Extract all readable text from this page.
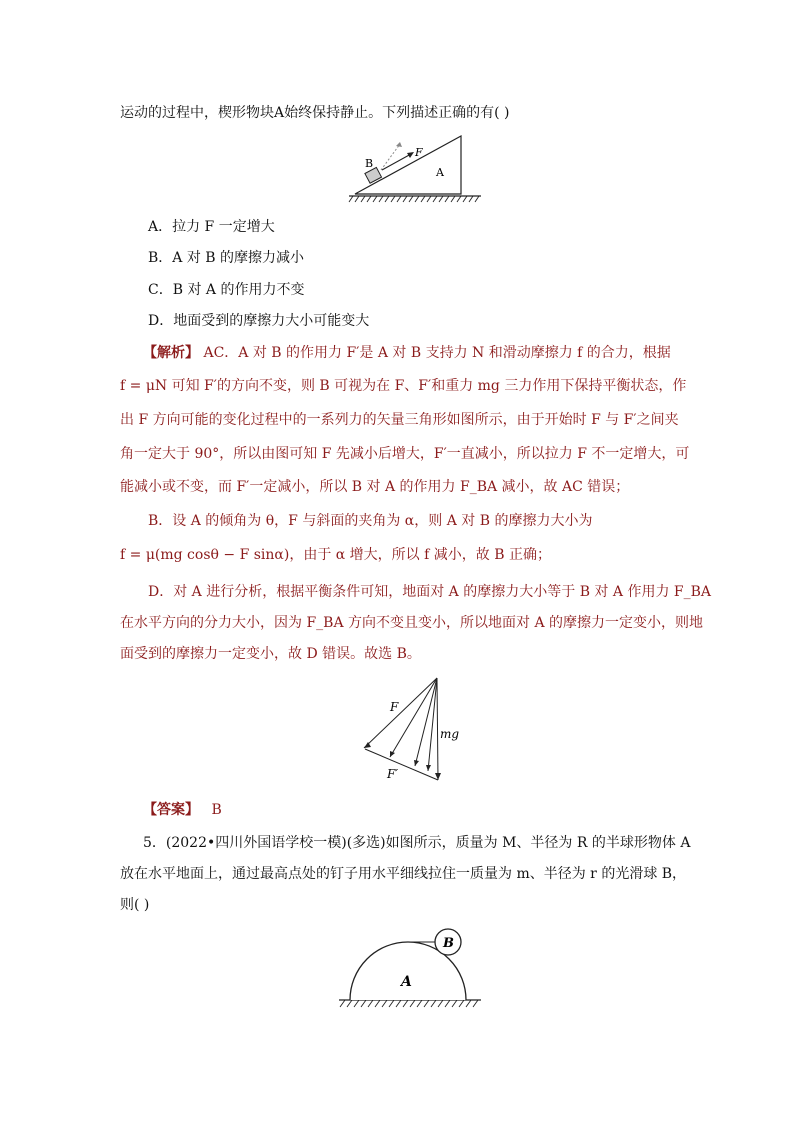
运动的过程中，楔形物块A始终保持静止。下列描述正确的有( )
B
F
A
A．拉力 F 一定增大
B．A 对 B 的摩擦力减小
C．B 对 A 的作用力不变
D．地面受到的摩擦力大小可能变大
【解析】 AC．A 对 B 的作用力 F′是 A 对 B 支持力 N 和滑动摩擦力 f 的合力，根据
f = μN 可知 F′的方向不变，则 B 可视为在 F、F′和重力 mg 三力作用下保持平衡状态，作
出 F 方向可能的变化过程中的一系列力的矢量三角形如图所示，由于开始时 F 与 F′之间夹
角一定大于 90°，所以由图可知 F 先减小后增大，F′一直减小，所以拉力 F 不一定增大，可
能减小或不变，而 F′一定减小，所以 B 对 A 的作用力 F_BA 减小，故 AC 错误；
B．设 A 的倾角为 θ，F 与斜面的夹角为 α，则 A 对 B 的摩擦力大小为
f = μ(mg cosθ − F sinα)，由于 α 增大，所以 f 减小，故 B 正确；
D．对 A 进行分析，根据平衡条件可知，地面对 A 的摩擦力大小等于 B 对 A 作用力 F_BA
在水平方向的分力大小，因为 F_BA 方向不变且变小，所以地面对 A 的摩擦力一定变小，则地
面受到的摩擦力一定变小，故 D 错误。故选 B。
F
mg
F′
【答案】 B
5．(2022•四川外国语学校一模)(多选)如图所示，质量为 M、半径为 R 的半球形物体 A
放在水平地面上，通过最高点处的钉子用水平细线拉住一质量为 m、半径为 r 的光滑球 B，
则( )
B
A
